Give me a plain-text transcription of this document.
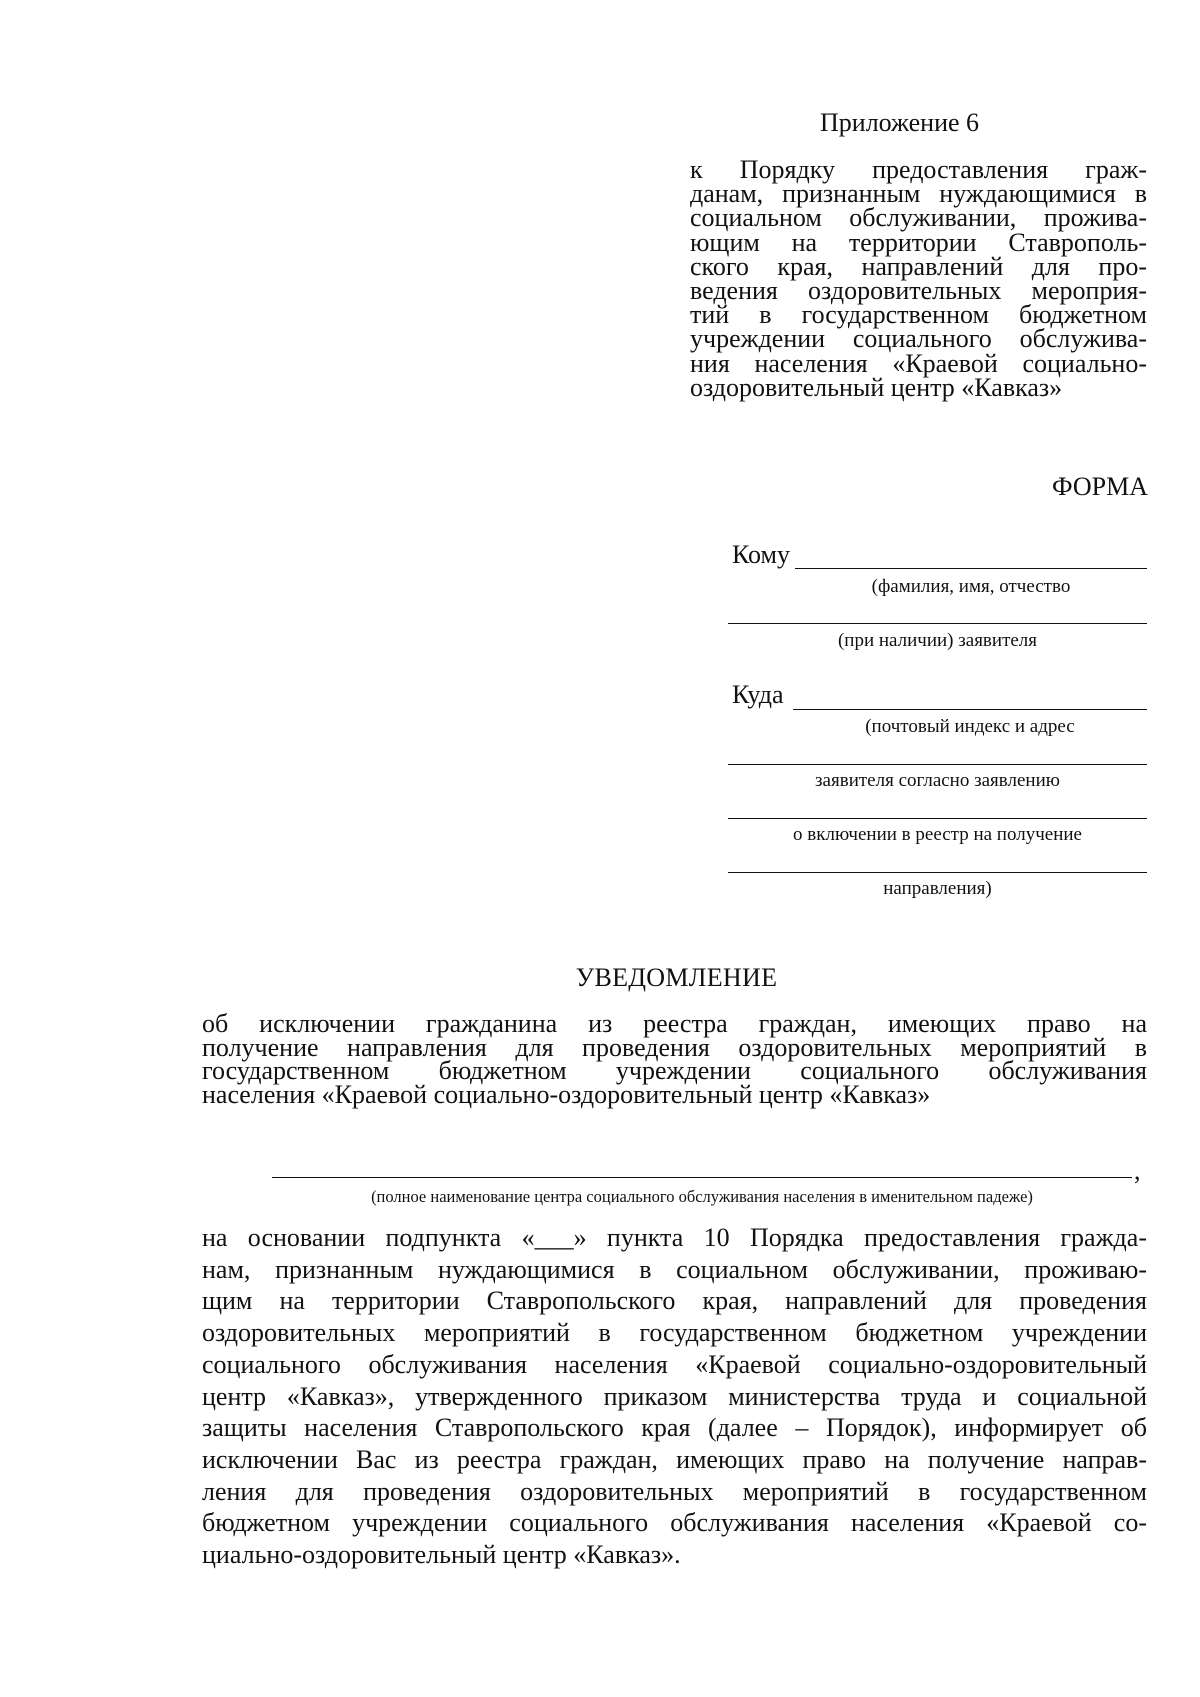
Приложение 6
к Порядку предоставления граж-
данам, признанным нуждающимися в
социальном обслуживании, прожива-
ющим на территории Ставрополь-
ского края, направлений для про-
ведения оздоровительных мероприя-
тий в государственном бюджетном
учреждении социального обслужива-
ния населения «Краевой социально-
оздоровительный центр «Кавказ»
ФОРМА
Кому
(фамилия, имя, отчество
(при наличии) заявителя
Куда
(почтовый индекс и адрес
заявителя согласно заявлению
о включении в реестр на получение
направления)
УВЕДОМЛЕНИЕ
об исключении гражданина из реестра граждан, имеющих право на
получение направления для проведения оздоровительных мероприятий в
государственном бюджетном учреждении социального обслуживания
населения «Краевой социально-оздоровительный центр «Кавказ»
,
(полное наименование центра социального обслуживания населения в именительном падеже)
на основании подпункта «___» пункта 10 Порядка предоставления гражда-
нам, признанным нуждающимися в социальном обслуживании, проживаю-
щим на территории Ставропольского края, направлений для проведения
оздоровительных мероприятий в государственном бюджетном учреждении
социального обслуживания населения «Краевой социально-оздоровительный
центр «Кавказ», утвержденного приказом министерства труда и социальной
защиты населения Ставропольского края (далее – Порядок), информирует об
исключении Вас из реестра граждан, имеющих право на получение направ-
ления для проведения оздоровительных мероприятий в государственном
бюджетном учреждении социального обслуживания населения «Краевой со-
циально-оздоровительный центр «Кавказ».
